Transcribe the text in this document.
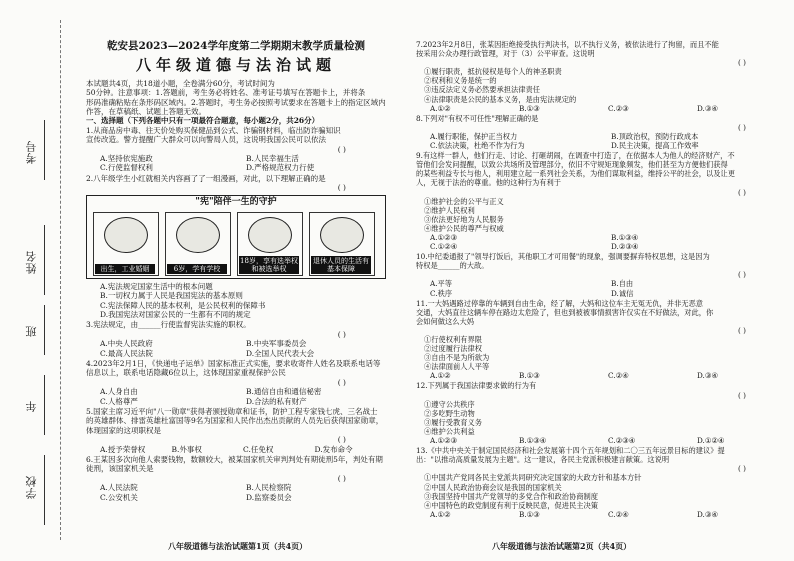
考号
姓名
班
年
学校
乾安县2023—2024学年度第二学期期末教学质量检测
八年级道德与法治试题
本试题共4页，共18道小题，全卷满分60分，考试时间为
50分钟。注意事项：1.答题前，考生务必将姓名、准考证号填写在答题卡上，并将条
形码准确粘贴在条形码区域内。2.答题时，考生务必按照考试要求在答题卡上的指定区域内
作答，在草稿纸、试题上答题无效。
一、选择题（下列各题中只有一项最符合题意，每小题2分，共26分）
1.从商品房中毒、往天价处购买保健品到公式、诈骗钢材料，临出防诈骗知识
宣传改造。警方提醒广大群众可以向警局人员，这说明我国公民可以依法
( )
A.坚持依宪施政	B.人民幸福生活
C.行使监督权利	D.严格规范权力行使
2.八年级学生小红就相关内容画了了一组漫画，对此，以下理解正确的是
( )
"宪"陪伴一生的守护
出生，工业婚姻	6岁，学有学校
18岁，享有选举权和被选举权
退休人员的生活有基本保障
A.宪法规定国家生活中的根本问题
B.一切权力属于人民是我国宪法的基本原则
C.宪法保障人民的基本权利，是公民权利的保障书
D.我国宪法对国家公民的一生都有不同的规定
3.宪法规定，由______行使监督宪法实施的职权。
( )
A.中央人民政府	B.中央军事委员会
C.最高人民法院	D.全国人民代表大会
4.2023年2月1日，《快递电子运单》国家标准正式实施，要求收寄件人姓名及联系电话等
信息以上，联系电话隐藏6位以上，这体现国家重视保护公民
( )
A.人身自由	B.通信自由和通信秘密
C.人格尊严	D.合法的私有财产
5.国家主席习近平向"八一勋章"获得者颁授勋章和证书，防护工程专家钱七虎、三名战士
的英雄群体、排雷英雄杜富国等9名为国家和人民作出杰出贡献的人员先后获得国家勋章，
体现国家的这项职权是
( )
A.授予荣誉权	B.外事权	C.任免权	D.发布命令
6.王某因多次向他人索要钱物，数额较大，被某国家机关审判判处有期徒刑5年，判处有期
徒刑，该国家机关是
( )
A.人民法院	B.人民检察院
C.公安机关	D.监察委员会
7.2023年2月8日，张某因拒绝接受执行判决书，以不执行义务，被依法进行了拘留，而且不能
按采用公众办理行政管理，对于（3）公平审查。这说明
( )
①履行职责，抵抗侵权是每个人的神圣职责
②权利和义务是统一的
③违反法定义务必然要承担法律责任
④法律职责是公民的基本义务，是由宪法规定的
A.①②	B.①③	C.②③	D.③④
8.下列对"有权不可任性"理解正确的是
( )
A.履行职能，保护正当权力	B.顶政治权，预防行政成本
C.依法决策，杜绝不作为行为	D.民主决策，提高工作效率
9.有这样一群人，他们行走、讨论、打砸胡闹，在调查中打造了，在依据本人为他人的经济财产，不
管他们会发问提醒，以致公共场所及管理部分，依旧不守规矩现象频发，他们甚至为方便他们获得
的某些利益专长与他人，利用建立起一系列社会关系，为他们谋取利益，维持公平的社会，以及让更
人，无视于法治的尊重。他的这种行为有利于
( )
①维护社会的公平与正义
②维护人民权利
③依法更好地为人民服务
④维护公民的尊严与权威
A.①②③	B.①③④
C.①②④	D.②③④
10.中纪委通报了"领导打饭后，其他职工才可用餐"的现象，强调要摒弃特权思想，这是因为
特权是______的大敌。
( )
A.平等	B.自由
C.秩序	D.诚信
11.一大妈遇路过停靠的车辆到自由生命，经了解，大妈和这位车主无冤无仇，并非无恶意
交通，大妈直往这辆车停在路边太危险了，但也到被被事情损害许仅实在不好做法，对此，你
会如何做这么大妈
( )
①行使权利有界限
②过度履行法律权
③自由不是为所欲为
④法律面前人人平等
A.①②	B.①③	C.②④	D.③④
12.下列属于我国法律要求做的行为有
( )
①遵守公共秩序
②多吃野生动物
③履行受教育义务
④维护公共利益
A.①②③	B.①③④	C.②③④	D.①②④
13.《中共中央关于制定国民经济和社会发展第十四个五年规划和二〇三五年远景目标的建议》提
出："以推动高质量发展为主题"。这一建议，各民主党派积极建言献策。这说明
( )
①中国共产党同各民主党派共同研究决定国家的大政方针和基本方针
②中国人民政治协商会议是我国的国家机关
③我国坚持中国共产党领导的多党合作和政治协商制度
④中国特色的政党制度有利于反映民意，促进民主决策
A.①②	B.①③	C.②④	D.③④
八年级道德与法治试题第1页（共4页）	八年级道德与法治试题第2页（共4页）
